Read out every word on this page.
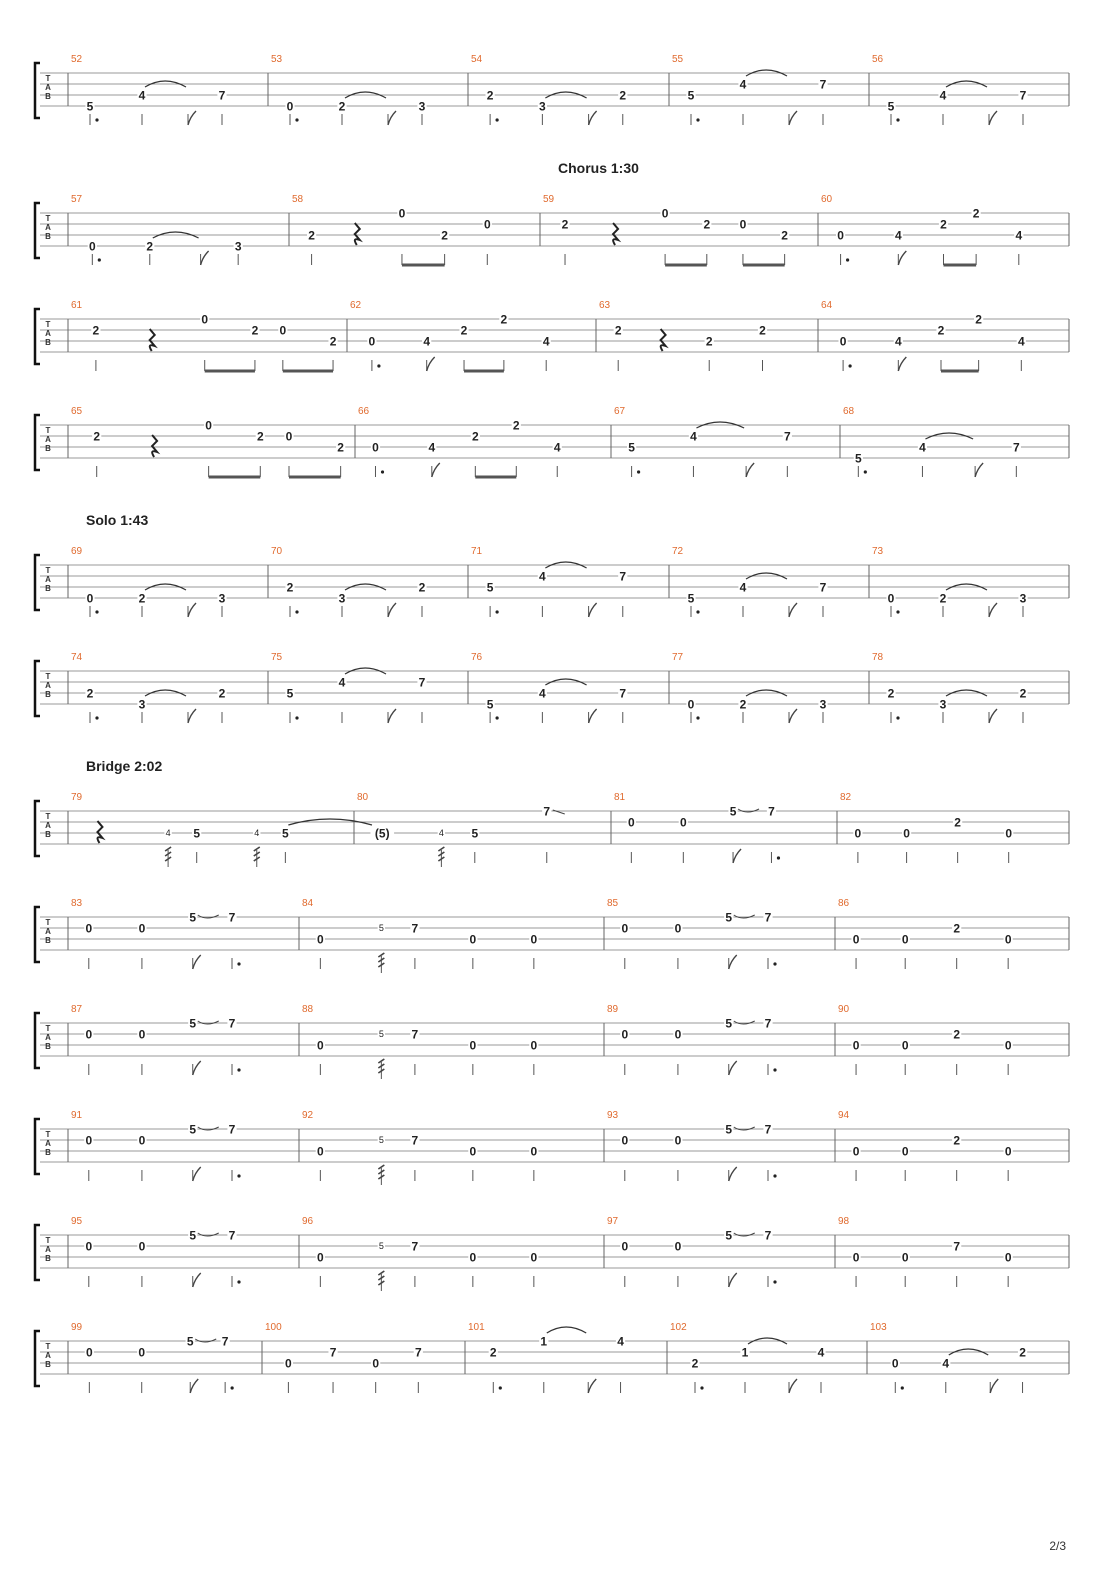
T
A
B
52
5
4	7
53
0	2	3
54
2
3
2
55
5
4	7
56
5
4	7
T
A
B
57
0	2	3
58
2
0
2
0
59
2
0
2 0
2
60
0	4
2
2
4
T
A
B
61
2
0
2 0
2
62
0	4
2
2
4
63
2
2
2
64
0	4
2
2
4
T
A
B
65
2
0
2 0
2
66
0	4
2
2
4
67
5
4	7
68
5
4	7
T
A
B
69
0	2	3
70
2
3
2
71
5
4	7
72
5
4	7
73
0	2	3
T
A
B
74
2
3
2
75
5
4	7
76
5
4	7
77
0	2	3
78
2
3
2
T
A
B
79
4 5	4 5
80
(5)	4 5
7
81
0	0
5	7
82
0	0
2
0
T
A
B
83
0	0
5	7
84
0
5 7
0	0
85
0	0
5	7
86
0	0
2
0
T
A
B
87
0	0
5	7
88
0
5 7
0	0
89
0	0
5	7
90
0	0
2
0
T
A
B
91
0	0
5	7
92
0
5 7
0	0
93
0	0
5	7
94
0	0
2
0
T
A
B
95
0	0
5	7
96
0
5 7
0	0
97
0	0
5	7
98
0	0
7
0
T
A
B
99
0	0
5 7
100
0
7
0
7
101
2
1	4
102
2
1	4
103
0	4
2
Chorus 1:30
Solo 1:43
Bridge 2:02
2/3
